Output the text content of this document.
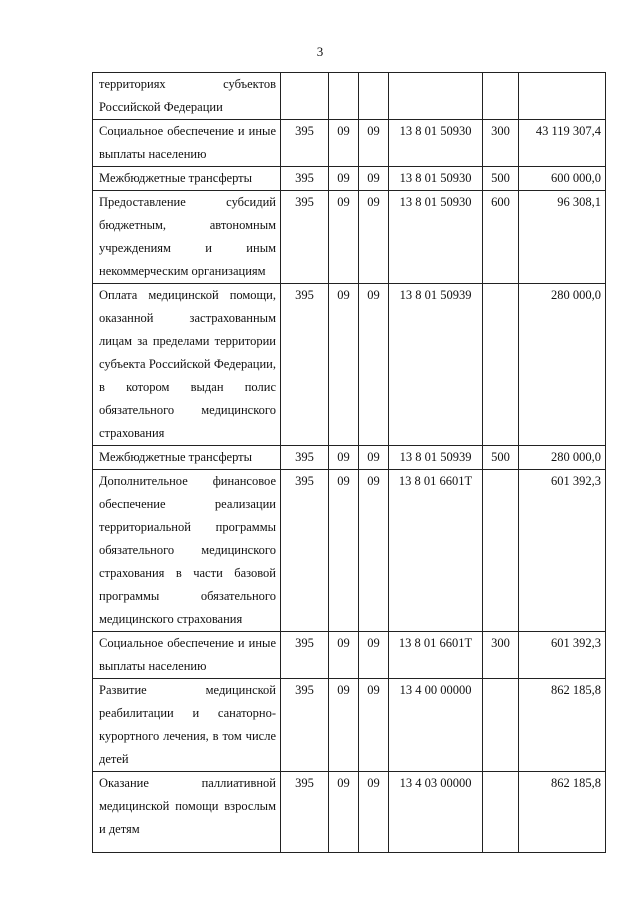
3
территориях субъектов Российской Федерации						
Социальное обеспечение и иные выплаты населению	395	09	09	13 8 01 50930	300	43 119 307,4
Межбюджетные трансферты	395	09	09	13 8 01 50930	500	600 000,0
Предоставление субсидий бюджетным, автономным учреждениям и иным некоммерческим организациям	395	09	09	13 8 01 50930	600	96 308,1
Оплата медицинской помощи, оказанной застрахованным лицам за пределами территории субъекта Российской Федерации, в котором выдан полис обязательного медицинского страхования	395	09	09	13 8 01 50939		280 000,0
Межбюджетные трансферты	395	09	09	13 8 01 50939	500	280 000,0
Дополнительное финансовое обеспечение реализации территориальной программы обязательного медицинского страхования в части базовой программы обязательного медицинского страхования	395	09	09	13 8 01 6601Т		601 392,3
Социальное обеспечение и иные выплаты населению	395	09	09	13 8 01 6601Т	300	601 392,3
Развитие медицинской реабилитации и санаторно-курортного лечения, в том числе детей	395	09	09	13 4 00 00000		862 185,8
Оказание паллиативной медицинской помощи взрослым и детям	395	09	09	13 4 03 00000		862 185,8
